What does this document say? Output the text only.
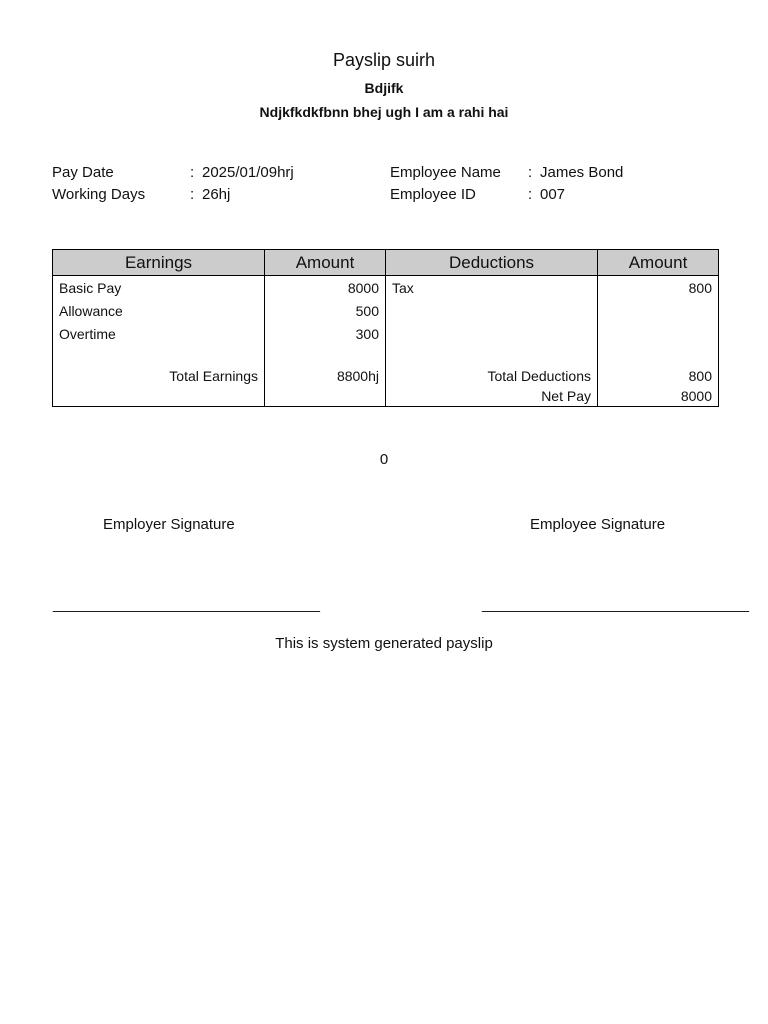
Payslip suirh
Bdjifk
Ndjkfkdkfbnn bhej ugh I am a rahi hai
Pay Date	: 2025/01/09hrj	Employee Name : James Bond
Working Days	: 26hj	Employee ID	: 007
Earnings	Amount	Deductions	Amount
Basic Pay	8000	Tax	800
Allowance	500		
Overtime	300		

Total Earnings	8800hj	Total Deductions	800
		Net Pay	8000
0
Employer Signature	Employee Signature
________________________________	________________________________
This is system generated payslip
